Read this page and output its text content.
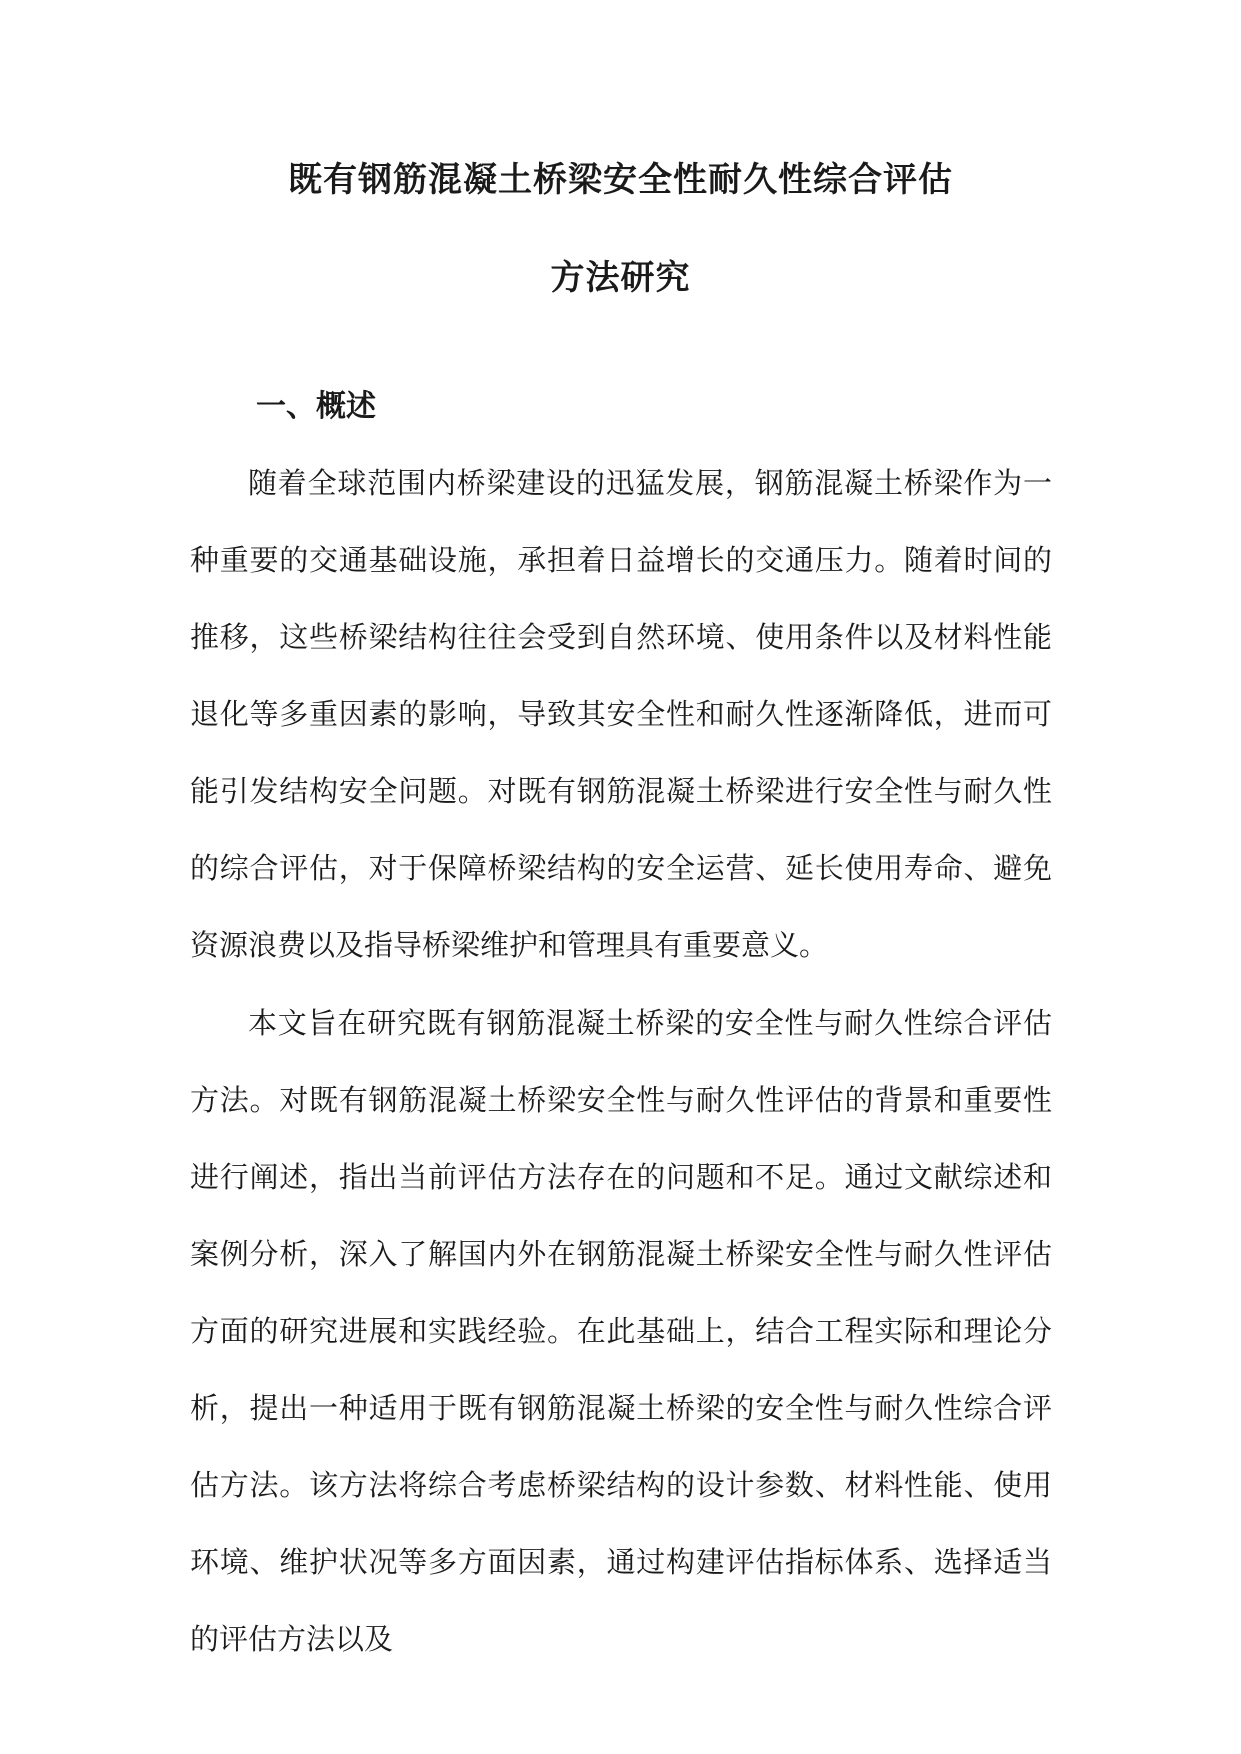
既有钢筋混凝土桥梁安全性耐久性综合评估
方法研究
一、概述

随着全球范围内桥梁建设的迅猛发展，钢筋混凝土桥梁作为一种重要的交通基础设施，承担着日益增长的交通压力。随着时间的推移，这些桥梁结构往往会受到自然环境、使用条件以及材料性能退化等多重因素的影响，导致其安全性和耐久性逐渐降低，进而可能引发结构安全问题。对既有钢筋混凝土桥梁进行安全性与耐久性的综合评估，对于保障桥梁结构的安全运营、延长使用寿命、避免资源浪费以及指导桥梁维护和管理具有重要意义。

本文旨在研究既有钢筋混凝土桥梁的安全性与耐久性综合评估方法。对既有钢筋混凝土桥梁安全性与耐久性评估的背景和重要性进行阐述，指出当前评估方法存在的问题和不足。通过文献综述和案例分析，深入了解国内外在钢筋混凝土桥梁安全性与耐久性评估方面的研究进展和实践经验。在此基础上，结合工程实际和理论分析，提出一种适用于既有钢筋混凝土桥梁的安全性与耐久性综合评估方法。该方法将综合考虑桥梁结构的设计参数、材料性能、使用环境、维护状况等多方面因素，通过构建评估指标体系、选择适当的评估方法以及
